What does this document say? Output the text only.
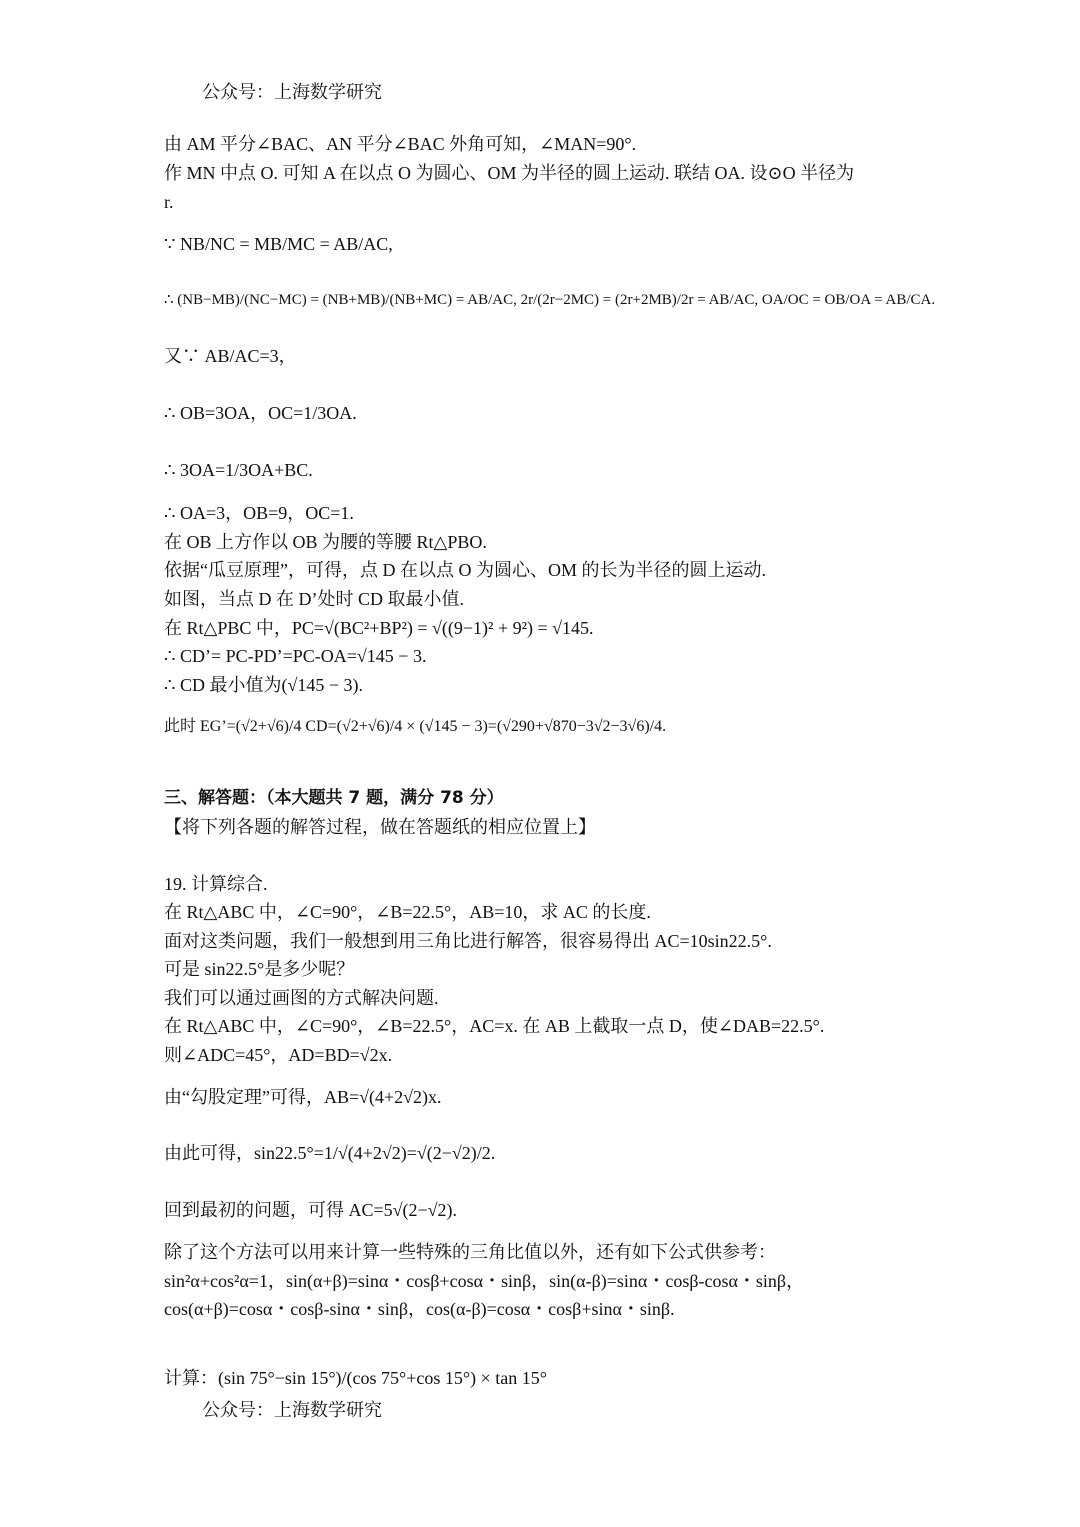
公众号：上海数学研究
由 AM 平分∠BAC、AN 平分∠BAC 外角可知，∠MAN=90°.
作 MN 中点 O. 可知 A 在以点 O 为圆心、OM 为半径的圆上运动. 联结 OA. 设⊙O 半径为
r.
∵ NB/NC = MB/MC = AB/AC,
∴ (NB−MB)/(NC−MC) = (NB+MB)/(NB+MC) = AB/AC, 2r/(2r−2MC) = (2r+2MB)/2r = AB/AC, OA/OC = OB/OA = AB/CA.
又∵ AB/AC=3，
∴ OB=3OA，OC=1/3OA.
∴ 3OA=1/3OA+BC.
∴ OA=3，OB=9，OC=1.
在 OB 上方作以 OB 为腰的等腰 Rt△PBO.
依据“瓜豆原理”，可得，点 D 在以点 O 为圆心、OM 的长为半径的圆上运动.
如图，当点 D 在 D’处时 CD 取最小值.
在 Rt△PBC 中，PC=√(BC²+BP²) = √((9−1)² + 9²) = √145.
∴ CD’= PC-PD’=PC-OA=√145 − 3.
∴ CD 最小值为(√145 − 3).
此时 EG’=(√2+√6)/4 CD=(√2+√6)/4 × (√145 − 3)=(√290+√870−3√2−3√6)/4.
三、解答题：（本大题共 7 题，满分 78 分）
【将下列各题的解答过程，做在答题纸的相应位置上】
19. 计算综合.
在 Rt△ABC 中，∠C=90°，∠B=22.5°，AB=10，求 AC 的长度.
面对这类问题，我们一般想到用三角比进行解答，很容易得出 AC=10sin22.5°.
可是 sin22.5°是多少呢？
我们可以通过画图的方式解决问题.
在 Rt△ABC 中，∠C=90°，∠B=22.5°，AC=x. 在 AB 上截取一点 D，使∠DAB=22.5°.
则∠ADC=45°，AD=BD=√2x.
由“勾股定理”可得，AB=√(4+2√2)x.
由此可得，sin22.5°=1/√(4+2√2)=√(2−√2)/2.
回到最初的问题，可得 AC=5√(2−√2).
除了这个方法可以用来计算一些特殊的三角比值以外，还有如下公式供参考：
sin²α+cos²α=1，sin(α+β)=sinα・cosβ+cosα・sinβ，sin(α-β)=sinα・cosβ-cosα・sinβ，
cos(α+β)=cosα・cosβ-sinα・sinβ，cos(α-β)=cosα・cosβ+sinα・sinβ.
计算：(sin 75°−sin 15°)/(cos 75°+cos 15°) × tan 15°
公众号：上海数学研究
